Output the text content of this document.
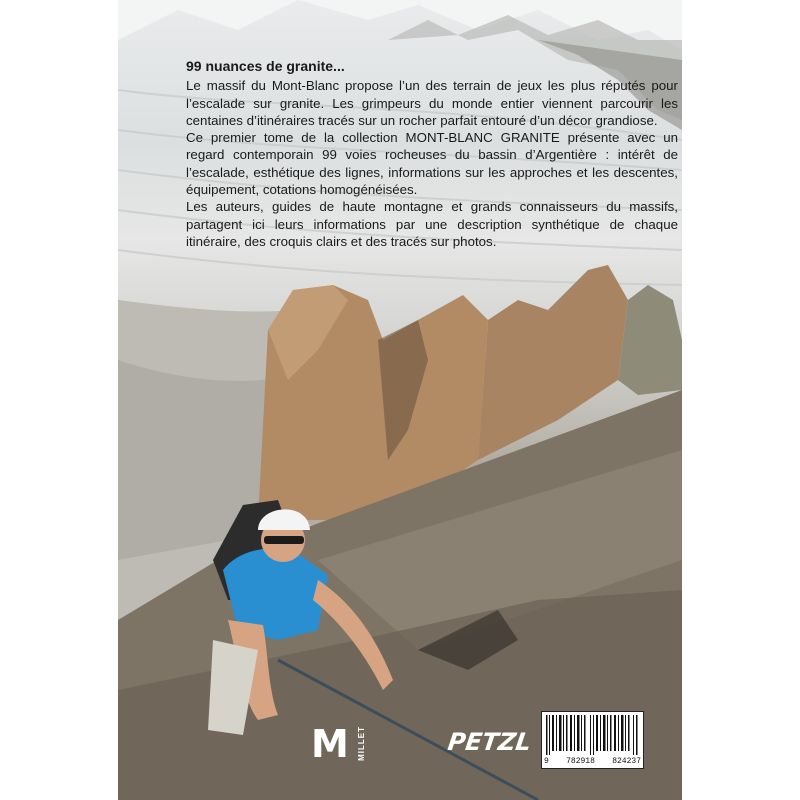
99 nuances de granite...

Le massif du Mont-Blanc propose l’un des terrain de jeux les plus réputés pour l’escalade sur granite. Les grimpeurs du monde entier viennent parcourir les centaines d’itinéraires tracés sur un rocher parfait entouré d’un décor grandiose.

Ce premier tome de la collection MONT-BLANC GRANITE présente avec un regard contemporain 99 voies rocheuses du bassin d’Argentière : intérêt de l’escalade, esthétique des lignes, informations sur les approches et les descentes, équipement, cotations homogénéisées.

Les auteurs, guides de haute montagne et grands connaisseurs du massifs, partagent ici leurs informations par une description synthétique de chaque itinéraire, des croquis clairs et des tracés sur photos.

M MILLET	PETZL
9 782918 824237
